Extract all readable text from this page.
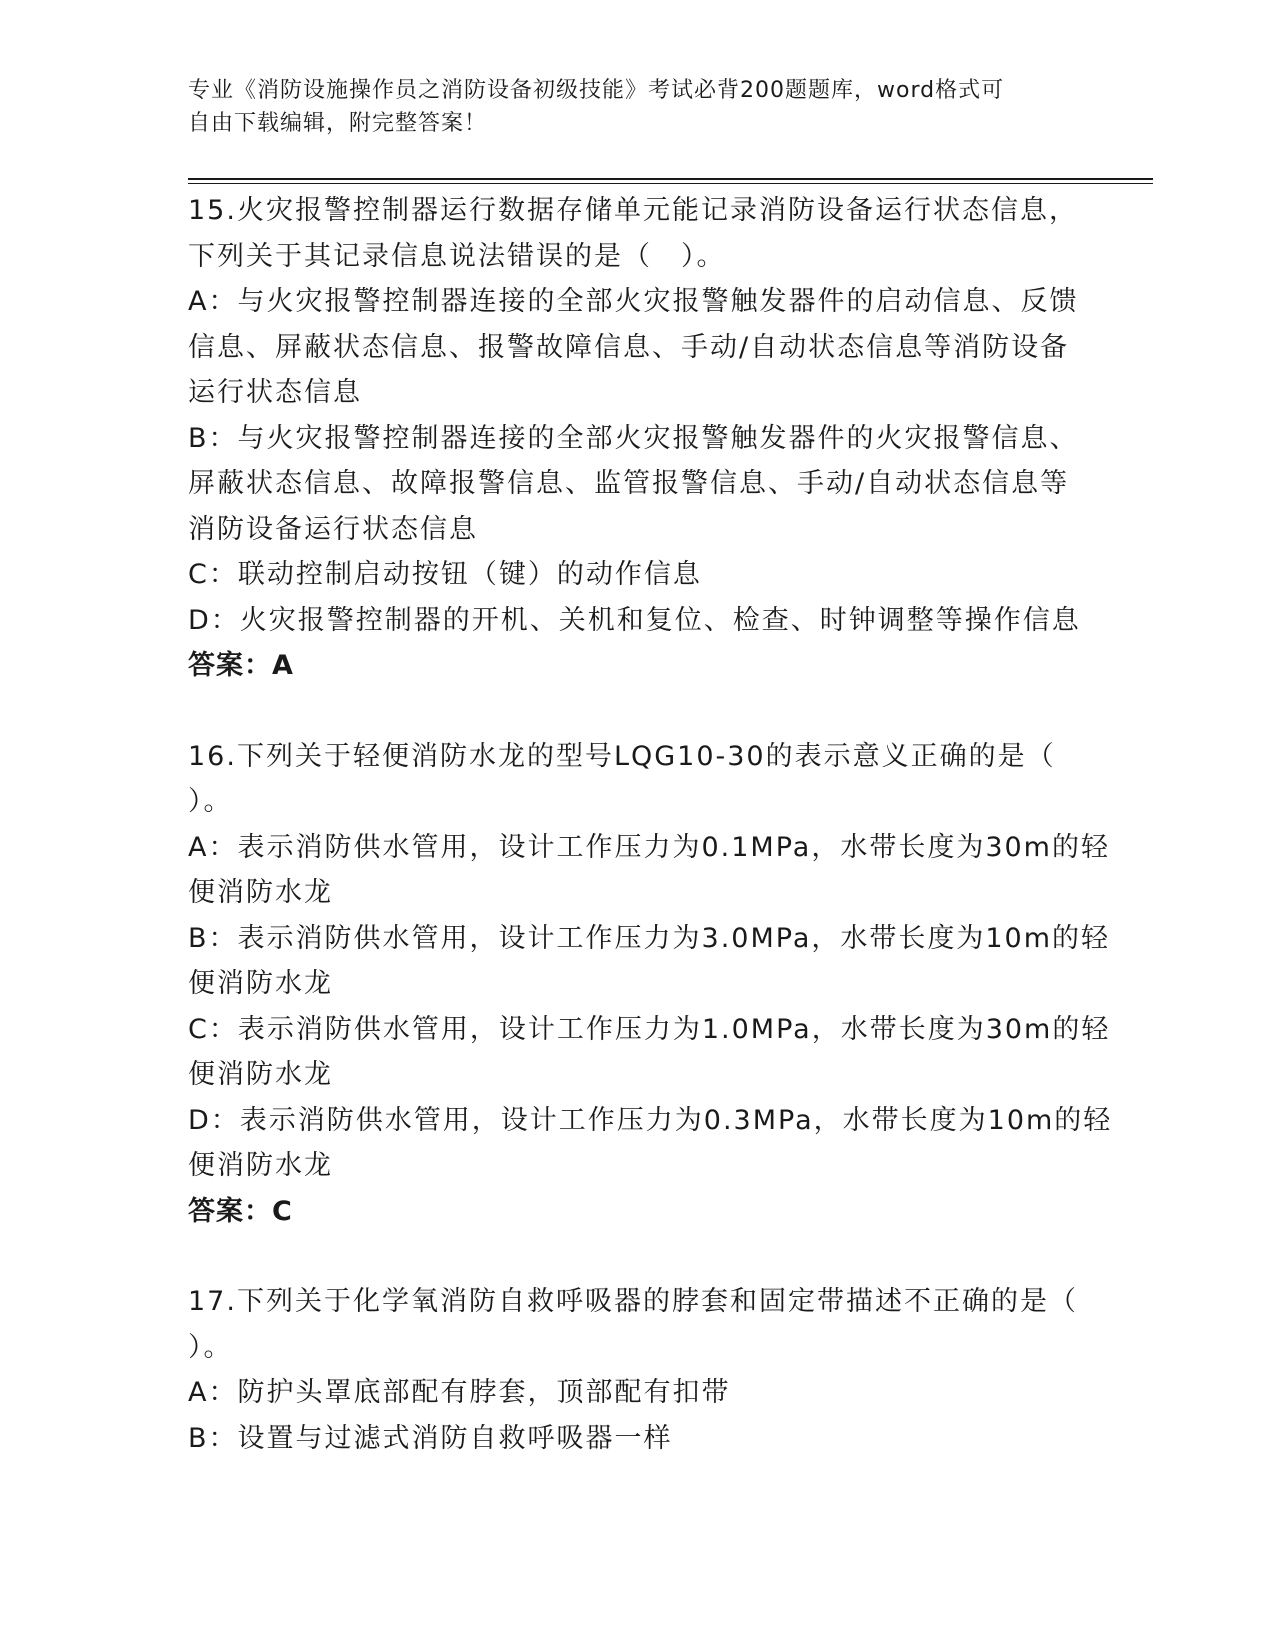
专业《消防设施操作员之消防设备初级技能》考试必背200题题库，word格式可
自由下载编辑，附完整答案！
15.火灾报警控制器运行数据存储单元能记录消防设备运行状态信息，
下列关于其记录信息说法错误的是（　）。
A：与火灾报警控制器连接的全部火灾报警触发器件的启动信息、反馈
信息、屏蔽状态信息、报警故障信息、手动/自动状态信息等消防设备
运行状态信息
B：与火灾报警控制器连接的全部火灾报警触发器件的火灾报警信息、
屏蔽状态信息、故障报警信息、监管报警信息、手动/自动状态信息等
消防设备运行状态信息
C：联动控制启动按钮（键）的动作信息
D：火灾报警控制器的开机、关机和复位、检查、时钟调整等操作信息
答案：A
16.下列关于轻便消防水龙的型号LQG10-30的表示意义正确的是（
）。
A：表示消防供水管用，设计工作压力为0.1MPa，水带长度为30m的轻
便消防水龙
B：表示消防供水管用，设计工作压力为3.0MPa，水带长度为10m的轻
便消防水龙
C：表示消防供水管用，设计工作压力为1.0MPa，水带长度为30m的轻
便消防水龙
D：表示消防供水管用，设计工作压力为0.3MPa，水带长度为10m的轻
便消防水龙
答案：C
17.下列关于化学氧消防自救呼吸器的脖套和固定带描述不正确的是（
）。
A：防护头罩底部配有脖套，顶部配有扣带
B：设置与过滤式消防自救呼吸器一样
